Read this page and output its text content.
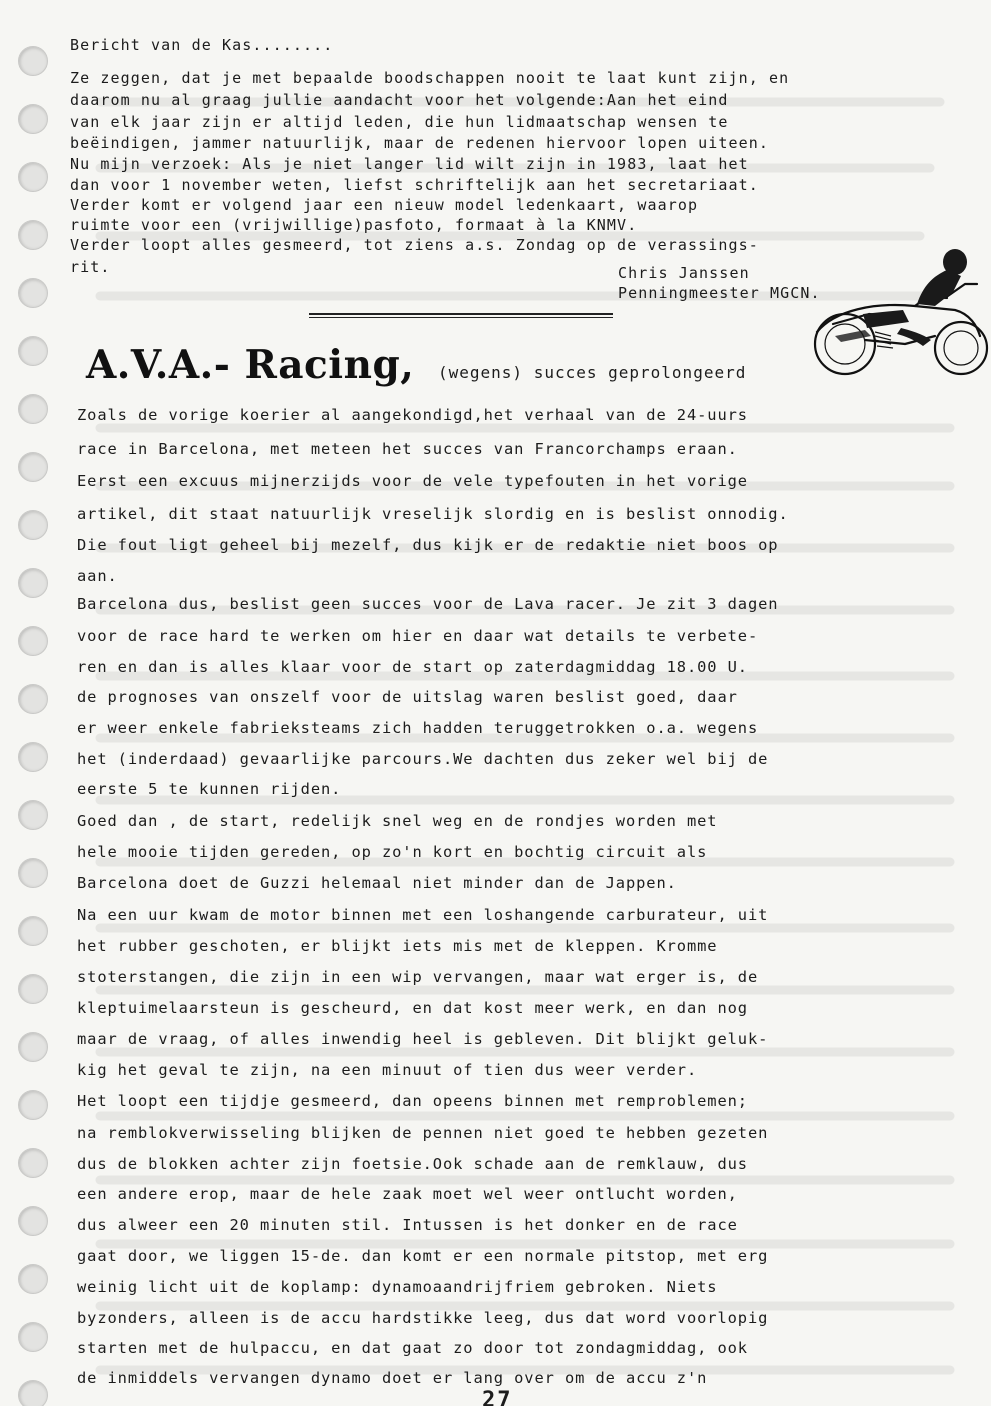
Bericht van de Kas........
Ze zeggen, dat je met bepaalde boodschappen nooit te laat kunt zijn, en
daarom nu al graag jullie aandacht voor het volgende:Aan het eind
van elk jaar zijn er altijd leden, die hun lidmaatschap wensen te
beëindigen, jammer natuurlijk, maar de redenen hiervoor lopen uiteen.
Nu mijn verzoek: Als je niet langer lid wilt zijn in 1983, laat het
dan voor 1 november weten, liefst schriftelijk aan het secretariaat.
Verder komt er volgend jaar een nieuw model ledenkaart, waarop
ruimte voor een (vrijwillige)pasfoto, formaat à la KNMV.
Verder loopt alles gesmeerd, tot ziens a.s. Zondag op de verassings-
rit.	Chris Janssen
Penningmeester MGCN.
A.V.A.- Racing, (wegens) succes geprolongeerd
Zoals de vorige koerier al aangekondigd,het verhaal van de 24-uurs
race in Barcelona, met meteen het succes van Francorchamps eraan.
Eerst een excuus mijnerzijds voor de vele typefouten in het vorige
artikel, dit staat natuurlijk vreselijk slordig en is beslist onnodig.
Die fout ligt geheel bij mezelf, dus kijk er de redaktie niet boos op
aan.
Barcelona dus, beslist geen succes voor de Lava racer. Je zit 3 dagen
voor de race hard te werken om hier en daar wat details te verbete-
ren en dan is alles klaar voor de start op zaterdagmiddag 18.00 U.
de prognoses van onszelf voor de uitslag waren beslist goed, daar
er weer enkele fabrieksteams zich hadden teruggetrokken o.a. wegens
het (inderdaad) gevaarlijke parcours.We dachten dus zeker wel bij de
eerste 5 te kunnen rijden.
Goed dan , de start, redelijk snel weg en de rondjes worden met
hele mooie tijden gereden, op zo'n kort en bochtig circuit als
Barcelona doet de Guzzi helemaal niet minder dan de Jappen.
Na een uur kwam de motor binnen met een loshangende carburateur, uit
het rubber geschoten, er blijkt iets mis met de kleppen. Kromme
stoterstangen, die zijn in een wip vervangen, maar wat erger is, de
kleptuimelaarsteun is gescheurd, en dat kost meer werk, en dan nog
maar de vraag, of alles inwendig heel is gebleven. Dit blijkt geluk-
kig het geval te zijn, na een minuut of tien dus weer verder.
Het loopt een tijdje gesmeerd, dan opeens binnen met remproblemen;
na remblokverwisseling blijken de pennen niet goed te hebben gezeten
dus de blokken achter zijn foetsie.Ook schade aan de remklauw, dus
een andere erop, maar de hele zaak moet wel weer ontlucht worden,
dus alweer een 20 minuten stil. Intussen is het donker en de race
gaat door, we liggen 15-de. dan komt er een normale pitstop, met erg
weinig licht uit de koplamp: dynamoaandrijfriem gebroken. Niets
byzonders, alleen is de accu hardstikke leeg, dus dat word voorlopig
starten met de hulpaccu, en dat gaat zo door tot zondagmiddag, ook
de inmiddels vervangen dynamo doet er lang over om de accu z'n
27
